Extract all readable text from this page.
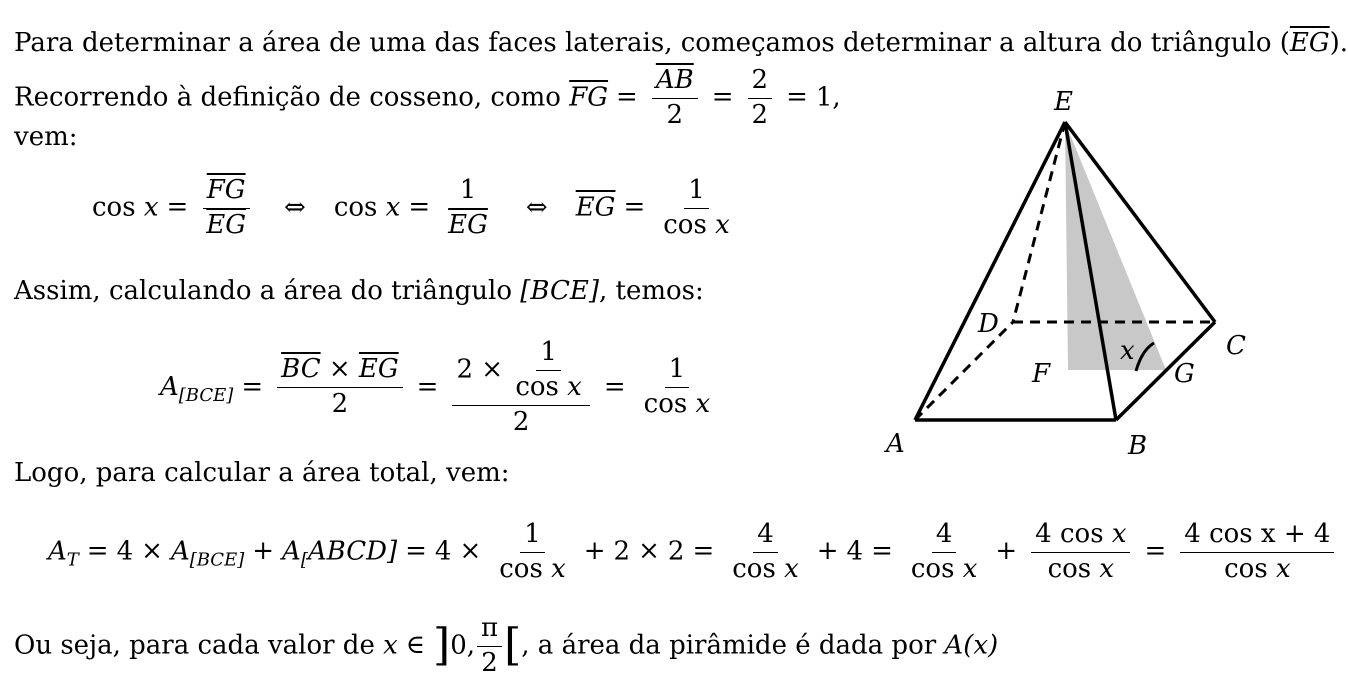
Para determinar a área de uma das faces laterais, começamos determinar a altura do triângulo $(\overline{EG})$.
Recorrendo à definição de cosseno, como $\overline{FG} = \frac{\overline{AB}}{2} = \frac{2}{2} = 1$,
vem:
$\cos x = \frac{\overline{FG}}{EG}$ ⇔ $\cos x = \frac{1}{EG}$ ⇔ $\overline{EG} = \frac{1}{\text{cos x}}$
Assim, calculando a área do triângulo [BCE], temos:
$A_{[BCE]} = \frac{\overline{BC} \times \overline{EG}}{2} = \frac{2 \times \frac{1}{\text{cos x}}}{2} = \frac{1}{\text{cos x}}$
Logo, para calcular a área total, vem:
$A_T = 4 \times A_{[BCE]}$ + $A_[ABCD] = 4 \times \frac{1}{\text{cos x}} + 2 \times 2 = \frac{4}{\text{cos x}} + 4 = \frac{4}{\text{cos x}} + \frac{\text{4 cos x}}{\text{cos x}} = \frac{\text{4 cos x + 4}}{\text{cos x}}$
Ou seja, para cada valor de x ∈ ]0, $\frac{\pi}{2}$ [, a área da pirâmide é dada por A(x)
E
D
C
F
x
G
A	B
